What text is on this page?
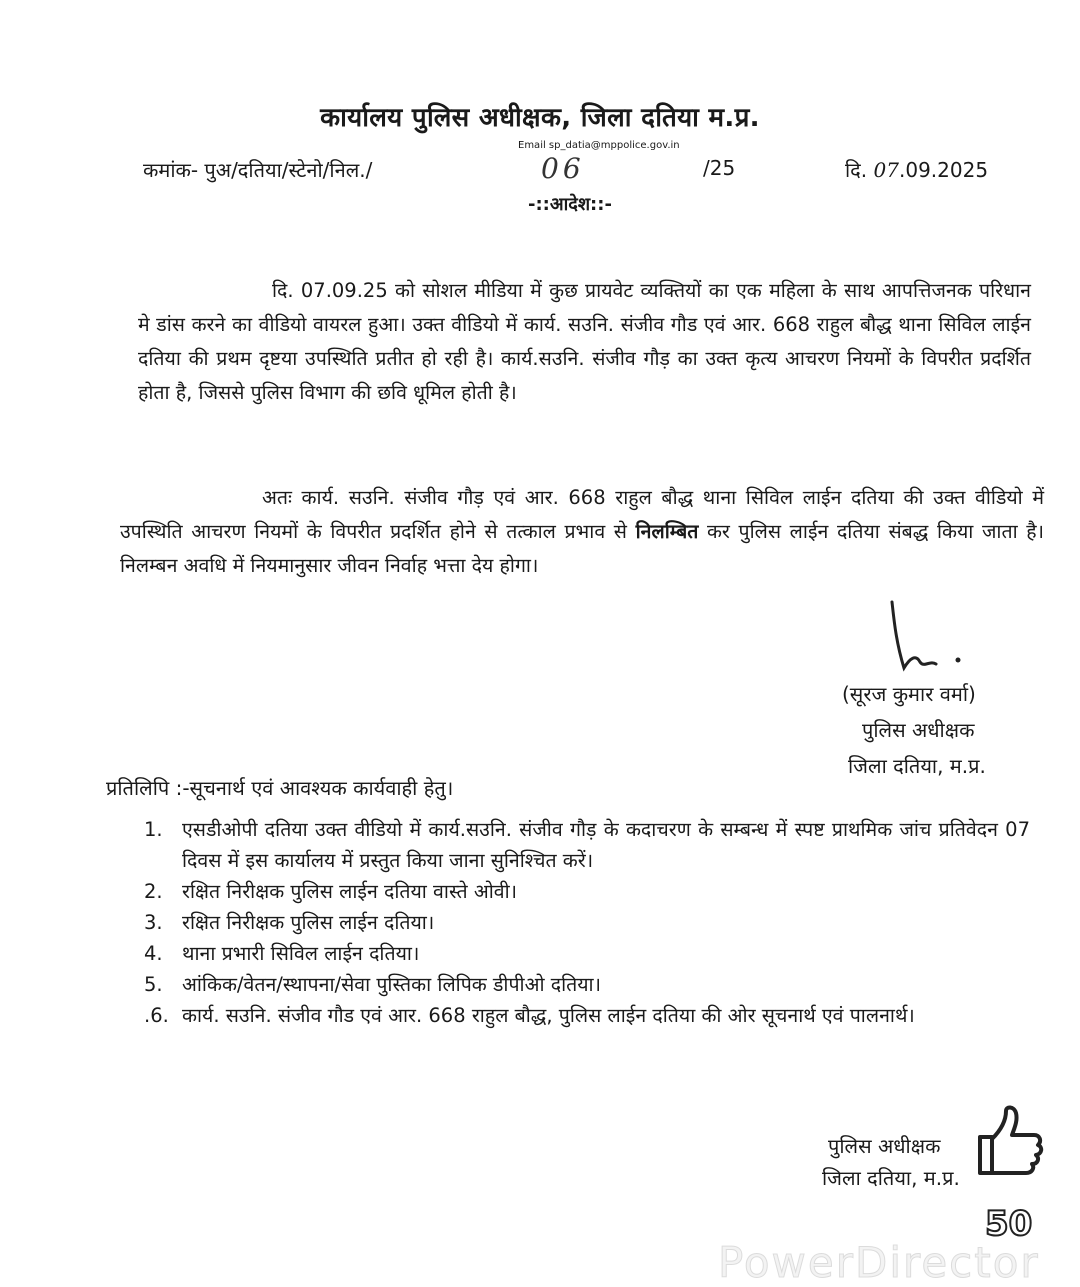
कार्यालय पुलिस अधीक्षक, जिला दतिया म.प्र.
Email sp_datia@mppolice.gov.in
कमांक- पुअ/दतिया/स्टेनो/निल./	06	/25	दि. 07.09.2025
-::आदेश::-

दि. 07.09.25 को सोशल मीडिया में कुछ प्रायवेट व्यक्तियों का एक महिला के साथ आपत्तिजनक परिधान मे डांस करने का वीडियो वायरल हुआ। उक्त वीडियो में कार्य. सउनि. संजीव गौड एवं आर. 668 राहुल बौद्ध थाना सिविल लाईन दतिया की प्रथम दृष्टया उपस्थिति प्रतीत हो रही है। कार्य.सउनि. संजीव गौड़ का उक्त कृत्य आचरण नियमों के विपरीत प्रदर्शित होता है, जिससे पुलिस विभाग की छवि धूमिल होती है।

अतः कार्य. सउनि. संजीव गौड़ एवं आर. 668 राहुल बौद्ध थाना सिविल लाईन दतिया की उक्त वीडियो में उपस्थिति आचरण नियमों के विपरीत प्रदर्शित होने से तत्काल प्रभाव से निलम्बित कर पुलिस लाईन दतिया संबद्ध किया जाता है। निलम्बन अवधि में नियमानुसार जीवन निर्वाह भत्ता देय होगा।

(सूरज कुमार वर्मा)
पुलिस अधीक्षक
जिला दतिया, म.प्र.
प्रतिलिपि :-सूचनार्थ एवं आवश्यक कार्यवाही हेतु।
1. एसडीओपी दतिया उक्त वीडियो में कार्य.सउनि. संजीव गौड़ के कदाचरण के सम्बन्ध में स्पष्ट प्राथमिक जांच प्रतिवेदन 07 दिवस में इस कार्यालय में प्रस्तुत किया जाना सुनिश्चित करें।
2. रक्षित निरीक्षक पुलिस लाईन दतिया वास्ते ओवी।
3. रक्षित निरीक्षक पुलिस लाईन दतिया।
4. थाना प्रभारी सिविल लाईन दतिया।
5. आंकिक/वेतन/स्थापना/सेवा पुस्तिका लिपिक डीपीओ दतिया।
.6. कार्य. सउनि. संजीव गौड एवं आर. 668 राहुल बौद्ध, पुलिस लाईन दतिया की ओर सूचनार्थ एवं पालनार्थ।
पुलिस अधीक्षक
जिला दतिया, म.प्र.
50
PowerDirector
